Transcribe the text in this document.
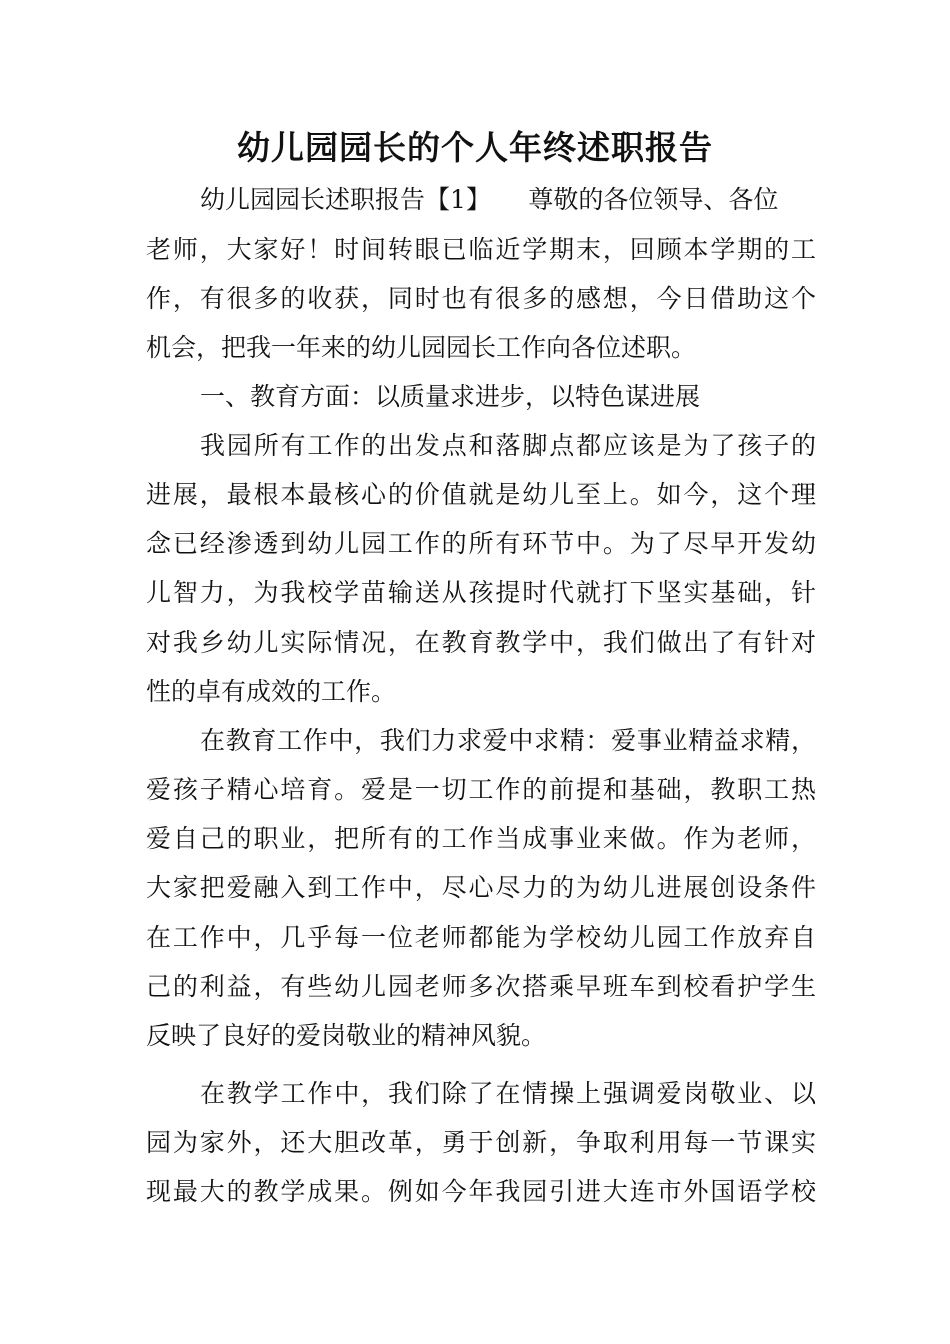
幼儿园园长的个人年终述职报告
幼儿园园长述职报告【1】　　尊敬的各位领导、各位
老师，大家好！时间转眼已临近学期末，回顾本学期的工
作，有很多的收获，同时也有很多的感想，今日借助这个
机会，把我一年来的幼儿园园长工作向各位述职。
一、教育方面：以质量求进步，以特色谋进展
我园所有工作的出发点和落脚点都应该是为了孩子的
进展，最根本最核心的价值就是幼儿至上。如今，这个理
念已经渗透到幼儿园工作的所有环节中。为了尽早开发幼
儿智力，为我校学苗输送从孩提时代就打下坚实基础，针
对我乡幼儿实际情况，在教育教学中，我们做出了有针对
性的卓有成效的工作。
在教育工作中，我们力求爱中求精：爱事业精益求精，
爱孩子精心培育。爱是一切工作的前提和基础，教职工热
爱自己的职业，把所有的工作当成事业来做。作为老师，
大家把爱融入到工作中，尽心尽力的为幼儿进展创设条件
在工作中，几乎每一位老师都能为学校幼儿园工作放弃自
己的利益，有些幼儿园老师多次搭乘早班车到校看护学生
反映了良好的爱岗敬业的精神风貌。
在教学工作中，我们除了在情操上强调爱岗敬业、以
园为家外，还大胆改革，勇于创新，争取利用每一节课实
现最大的教学成果。例如今年我园引进大连市外国语学校
